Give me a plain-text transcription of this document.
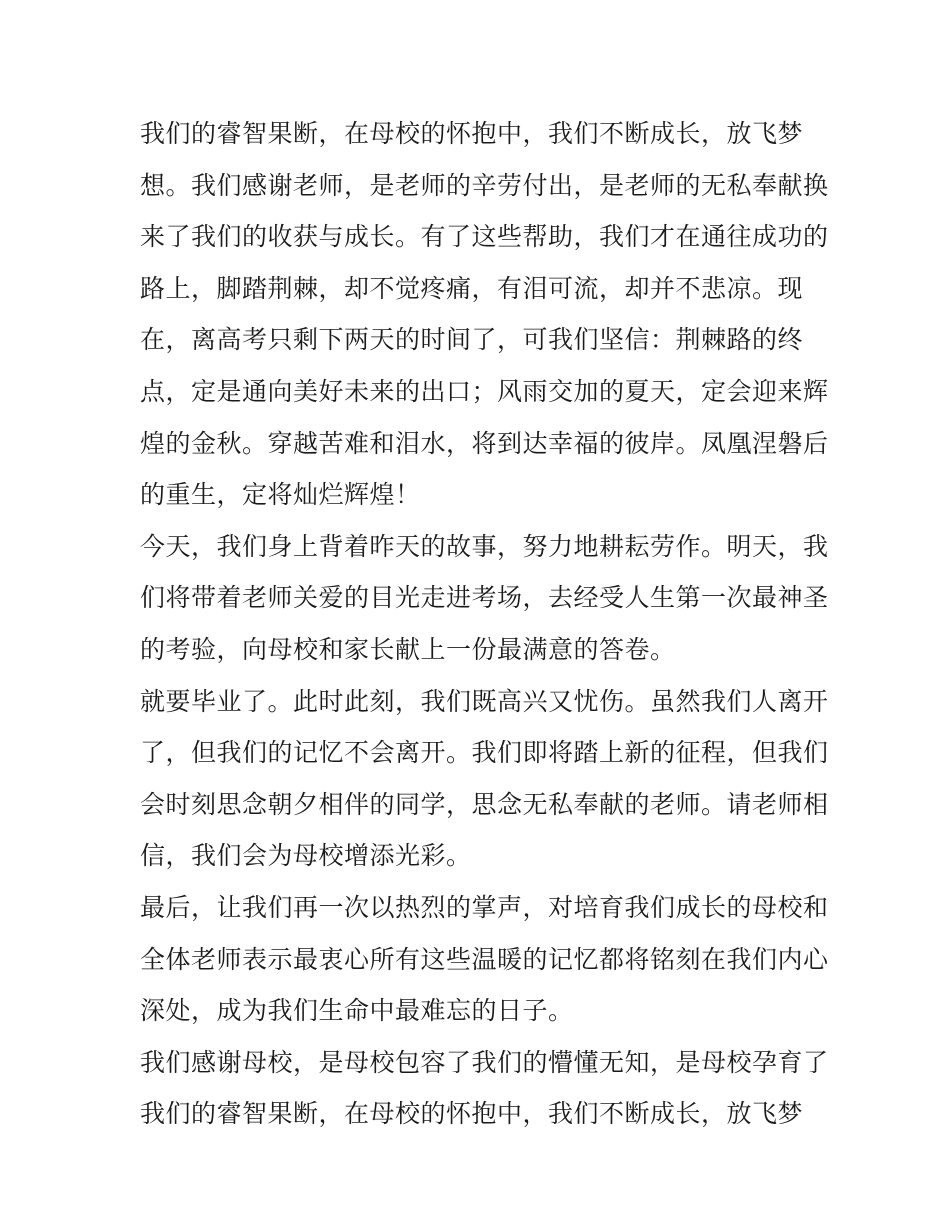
我们的睿智果断，在母校的怀抱中，我们不断成长，放飞梦
想。我们感谢老师，是老师的辛劳付出，是老师的无私奉献换
来了我们的收获与成长。有了这些帮助，我们才在通往成功的
路上，脚踏荆棘，却不觉疼痛，有泪可流，却并不悲凉。现
在，离高考只剩下两天的时间了，可我们坚信：荆棘路的终
点，定是通向美好未来的出口；风雨交加的夏天，定会迎来辉
煌的金秋。穿越苦难和泪水，将到达幸福的彼岸。凤凰涅磐后
的重生，定将灿烂辉煌！
今天，我们身上背着昨天的故事，努力地耕耘劳作。明天，我
们将带着老师关爱的目光走进考场，去经受人生第一次最神圣
的考验，向母校和家长献上一份最满意的答卷。
就要毕业了。此时此刻，我们既高兴又忧伤。虽然我们人离开
了，但我们的记忆不会离开。我们即将踏上新的征程，但我们
会时刻思念朝夕相伴的同学，思念无私奉献的老师。请老师相
信，我们会为母校增添光彩。
最后，让我们再一次以热烈的掌声，对培育我们成长的母校和
全体老师表示最衷心所有这些温暖的记忆都将铭刻在我们内心
深处，成为我们生命中最难忘的日子。
我们感谢母校，是母校包容了我们的懵懂无知，是母校孕育了
我们的睿智果断，在母校的怀抱中，我们不断成长，放飞梦
